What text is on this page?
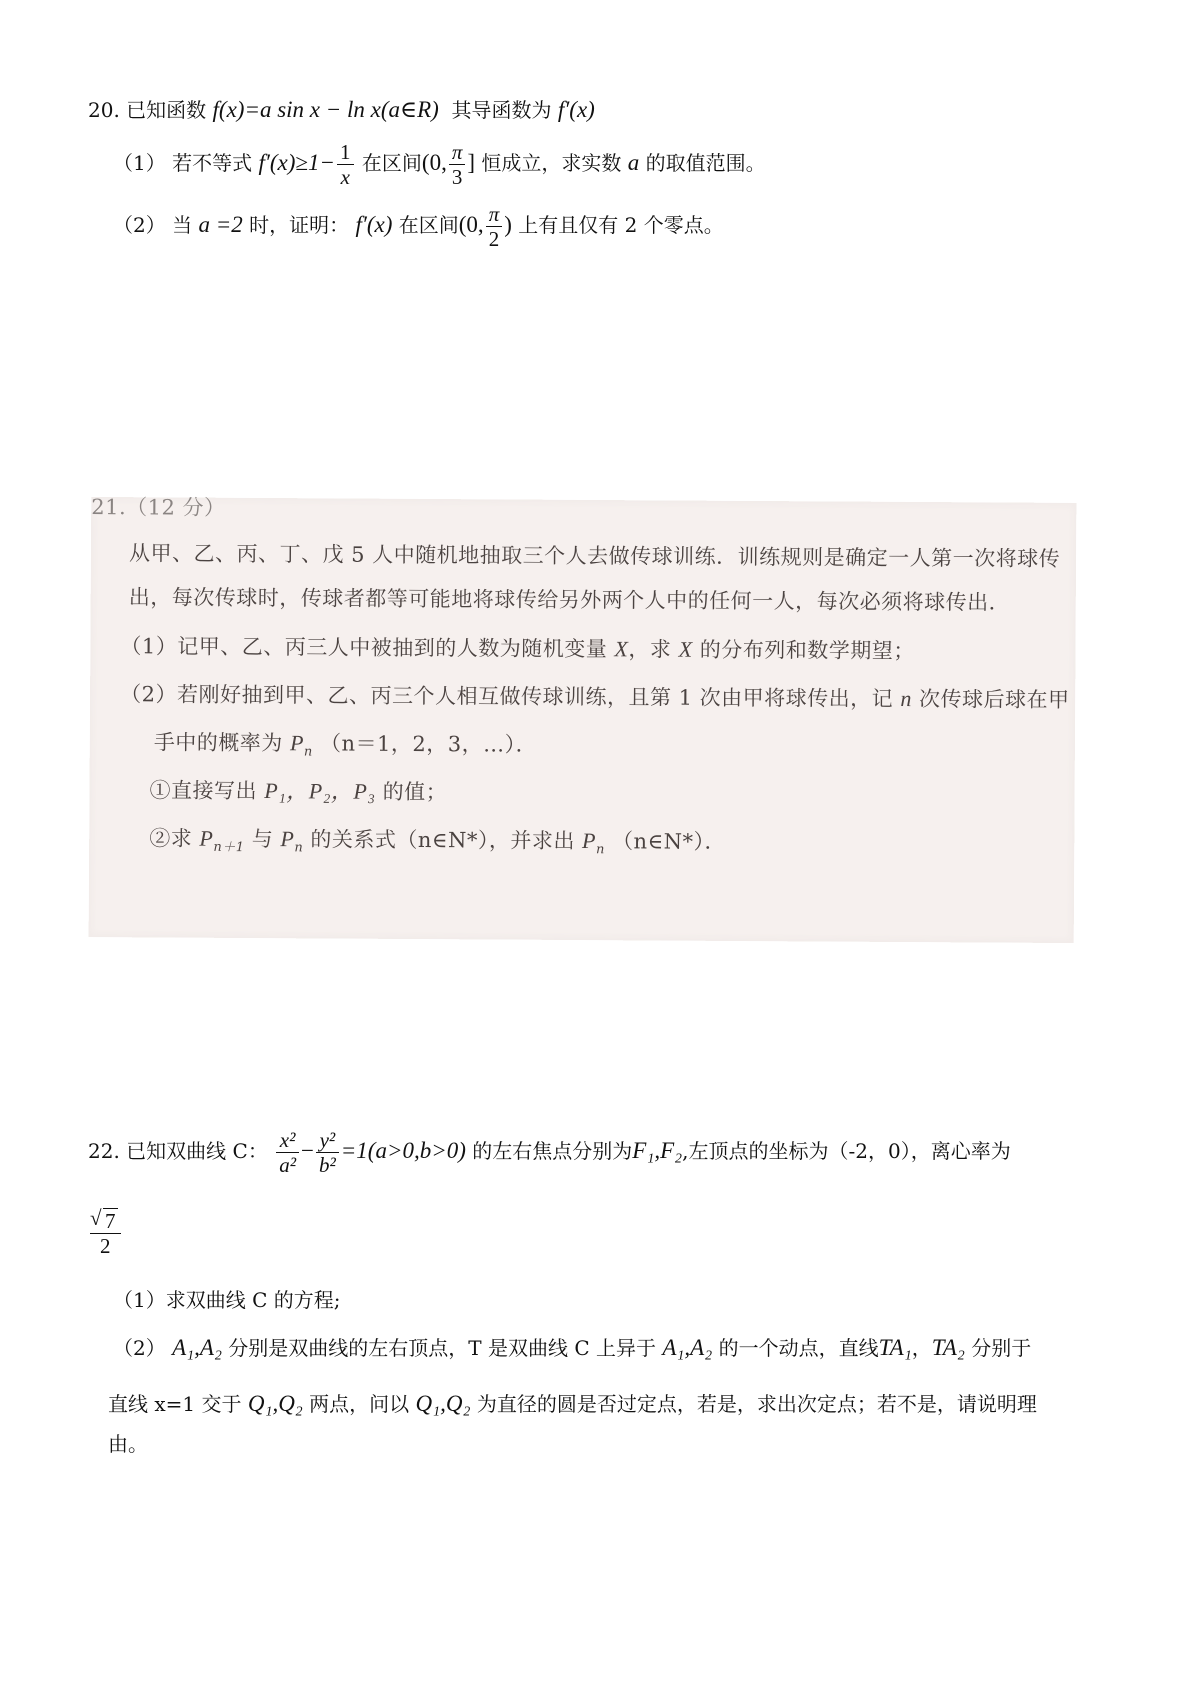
20. 已知函数 f(x)=a sin x − ln x(a∈R) 其导函数为 f′(x)
（1） 若不等式 $f'(x)\ge 1- \frac{1}{x}$ 在区间(0, $\frac{\pi}{3}$ ] 恒成立，求实数 a 的取值范围。
（2） 当 a =2 时，证明： f′(x) 在区间(0, $\frac{\pi}{2}$ ) 上有且仅有 2 个零点。
21.（12 分）
从甲、乙、丙、丁、戊 5 人中随机地抽取三个人去做传球训练．训练规则是确定一人第一次将球传
出，每次传球时，传球者都等可能地将球传给另外两个人中的任何一人，每次必须将球传出．
（1）记甲、乙、丙三人中被抽到的人数为随机变量 X，求 X 的分布列和数学期望；
（2）若刚好抽到甲、乙、丙三个人相互做传球训练，且第 1 次由甲将球传出，记 n 次传球后球在甲
手中的概率为 $P_n$ （n＝1，2，3，…）．
①直接写出 P₁，P₂，P₃ 的值；
②求 $P_{n+1}$ 与 $P_n$ 的关系式（n∈N*），并求出 $P_n$ （n∈N*）．
22. 已知双曲线 C： $\frac{\text{x²}}{\text{a²}} - \frac{\text{y²}}{\text{b²}} =1(a>0,b>0)$ 的左右焦点分别为F₁,F₂,左顶点的坐标为（-2，0），离心率为
√ $\frac{7}{2}$
（1）求双曲线 C 的方程;
（2） A₁,A₂ 分别是双曲线的左右顶点，T 是双曲线 C 上异于 A₁,A₂ 的一个动点，直线TA₁，TA₂ 分别于
直线 x=1 交于 Q₁,Q₂ 两点，问以 Q₁,Q₂ 为直径的圆是否过定点，若是，求出次定点；若不是，请说明理
由。
